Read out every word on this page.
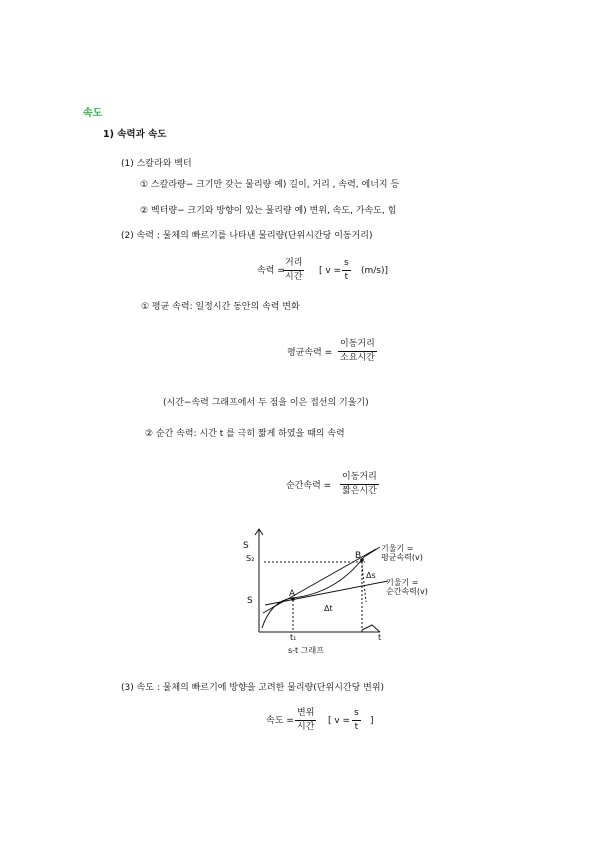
속도
1) 속력과 속도
(1) 스칼라와 벡터
① 스칼라량− 크기만 갖는 물리량 예) 길이, 거리 , 속력, 에너지 등
② 벡터량− 크기와 방향이 있는 물리량 예) 변위, 속도, 가속도, 힘
(2) 속력 : 물체의 빠르기를 나타낸 물리량(단위시간당 이동거리)
속력 =
거리
시간
[ $v = \frac{s}{t} (m/s)$]
① 평균 속력: 일정시간 동안의 속력 변화
평균속력 =
이동거리
소요시간
(시간−속력 그래프에서 두 점을 이은 접선의 기울기)
② 순간 속력: 시간 t 를 극히 짧게 하였을 때의 속력
순간속력 =
이동거리
짧은시간
S
S₂
S
A
B
Δs
Δt
t₁	t
기울기 =
평균속력(v)
기울기 =
순간속력(v)
s-t 그래프
(3) 속도 : 물체의 빠르기에 방향을 고려한 물리량(단위시간당 변위)
속도 =
변위
시간
[ $v = \frac{s}{t}$ ]
